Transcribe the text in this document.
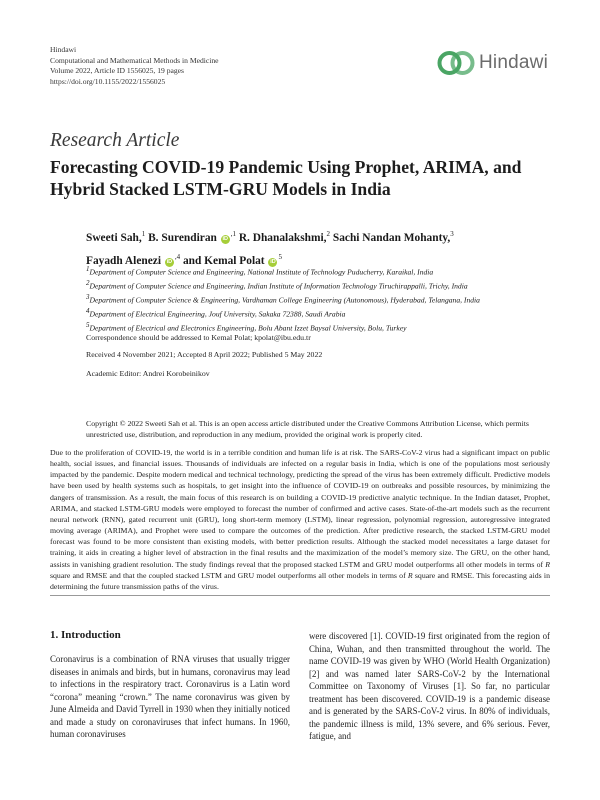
Hindawi
Computational and Mathematical Methods in Medicine
Volume 2022, Article ID 1556025, 19 pages
https://doi.org/10.1155/2022/1556025
Hindawi
Research Article
Forecasting COVID-19 Pandemic Using Prophet, ARIMA, and Hybrid Stacked LSTM-GRU Models in India
Sweeti Sah,$^1$ B. Surendiran $iD^{,1}$ R. Dhanalakshmi,$^2$ Sachi Nandan Mohanty,$^3$
Fayadh Alenezi $iD^{,4}$ and Kemal Polat $iD^5$
$^1$Department of Computer Science and Engineering, National Institute of Technology Puducherry, Karaikal, India
$^2$Department of Computer Science and Engineering, Indian Institute of Information Technology Tiruchirappalli, Trichy, India
$^3$Department of Computer Science & Engineering, Vardhaman College Engineering (Autonomous), Hyderabad, Telangana, India
$^4$Department of Electrical Engineering, Jouf University, Sakaka 72388, Saudi Arabia
$^5$Department of Electrical and Electronics Engineering, Bolu Abant Izzet Baysal University, Bolu, Turkey
Correspondence should be addressed to Kemal Polat; kpolat@ibu.edu.tr
Received 4 November 2021; Accepted 8 April 2022; Published 5 May 2022
Academic Editor: Andrei Korobeinikov
Copyright © 2022 Sweeti Sah et al. This is an open access article distributed under the Creative Commons Attribution License, which permits unrestricted use, distribution, and reproduction in any medium, provided the original work is properly cited.
Due to the proliferation of COVID-19, the world is in a terrible condition and human life is at risk. The SARS-CoV-2 virus had a significant impact on public health, social issues, and financial issues. Thousands of individuals are infected on a regular basis in India, which is one of the populations most seriously impacted by the pandemic. Despite modern medical and technical technology, predicting the spread of the virus has been extremely difficult. Predictive models have been used by health systems such as hospitals, to get insight into the influence of COVID-19 on outbreaks and possible resources, by minimizing the dangers of transmission. As a result, the main focus of this research is on building a COVID-19 predictive analytic technique. In the Indian dataset, Prophet, ARIMA, and stacked LSTM-GRU models were employed to forecast the number of confirmed and active cases. State-of-the-art models such as the recurrent neural network (RNN), gated recurrent unit (GRU), long short-term memory (LSTM), linear regression, polynomial regression, autoregressive integrated moving average (ARIMA), and Prophet were used to compare the outcomes of the prediction. After predictive research, the stacked LSTM-GRU model forecast was found to be more consistent than existing models, with better prediction results. Although the stacked model necessitates a large dataset for training, it aids in creating a higher level of abstraction in the final results and the maximization of the model’s memory size. The GRU, on the other hand, assists in vanishing gradient resolution. The study findings reveal that the proposed stacked LSTM and GRU model outperforms all other models in terms of R square and RMSE and that the coupled stacked LSTM and GRU model outperforms all other models in terms of R square and RMSE. This forecasting aids in determining the future transmission paths of the virus.
1. Introduction

Coronavirus is a combination of RNA viruses that usually trigger diseases in animals and birds, but in humans, coronavirus may lead to infections in the respiratory tract. Coronavirus is a Latin word “corona” meaning “crown.” The name coronavirus was given by June Almeida and David Tyrrell in 1930 when they initially noticed and made a study on coronaviruses that infect humans. In 1960, human coronaviruses

were discovered [1]. COVID-19 first originated from the region of China, Wuhan, and then transmitted throughout the world. The name COVID-19 was given by WHO (World Health Organization) [2] and was named later SARS-CoV-2 by the International Committee on Taxonomy of Viruses [1]. So far, no particular treatment has been discovered. COVID-19 is a pandemic disease and is generated by the SARS-CoV-2 virus. In 80% of individuals, the pandemic illness is mild, 13% severe, and 6% serious. Fever, fatigue, and
